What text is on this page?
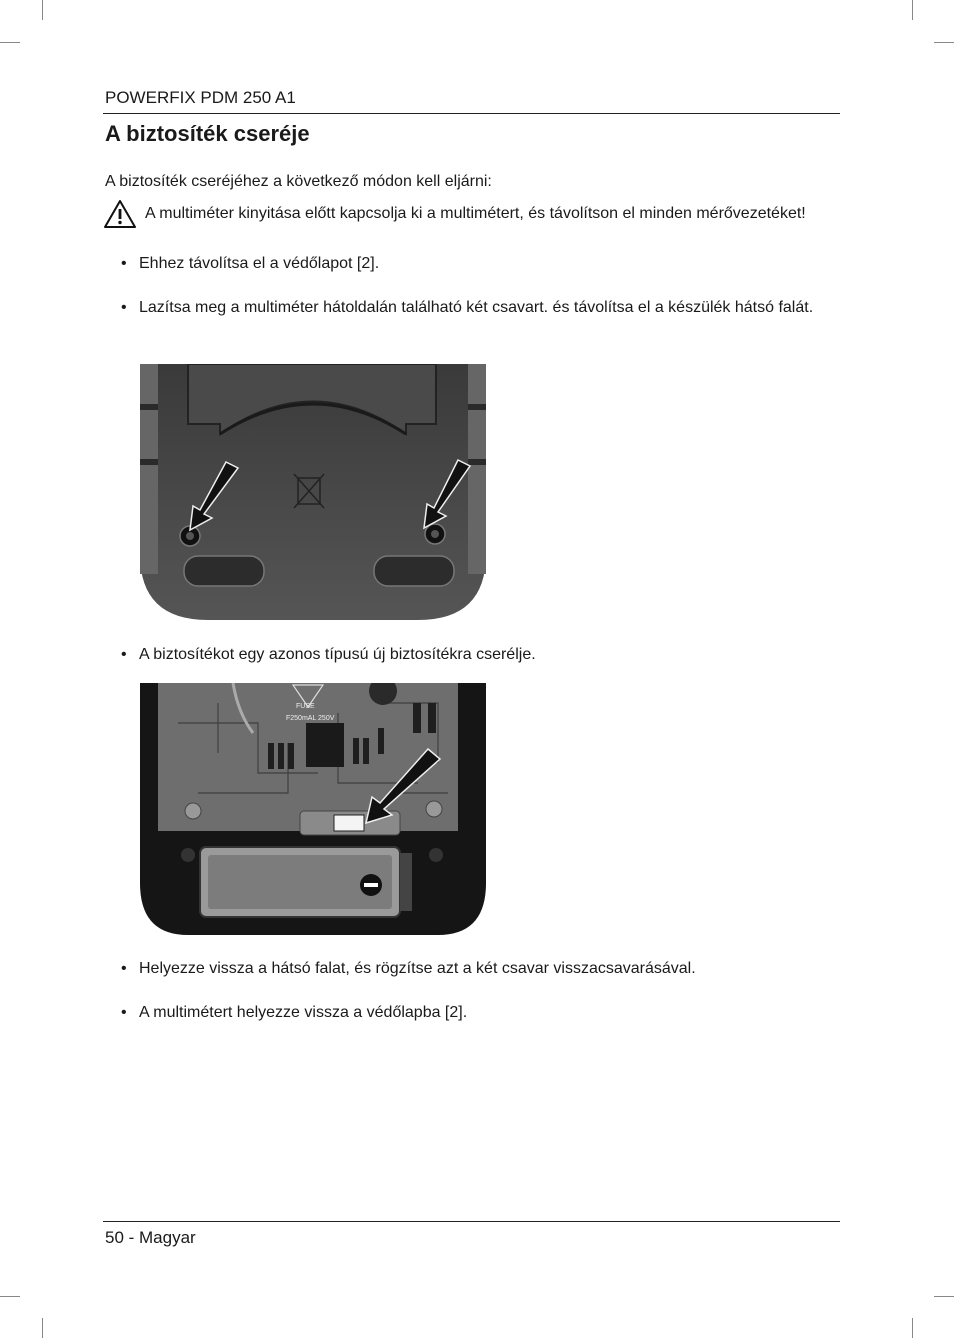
POWERFIX PDM 250 A1
A biztosíték cseréje
A biztosíték cseréjéhez a következő módon kell eljárni:
A multiméter kinyitása előtt kapcsolja ki a multimétert, és távolítson el minden mérővezetéket!
• Ehhez távolítsa el a védőlapot [2].
• Lazítsa meg a multiméter hátoldalán található két csavart. és távolítsa el a készülék hátsó falát.
• A biztosítékot egy azonos típusú új biztosítékra cserélje.
FUSE
F250mAL 250V
• Helyezze vissza a hátsó falat, és rögzítse azt a két csavar visszacsavarásával.
• A multimétert helyezze vissza a védőlapba [2].
50 - Magyar
